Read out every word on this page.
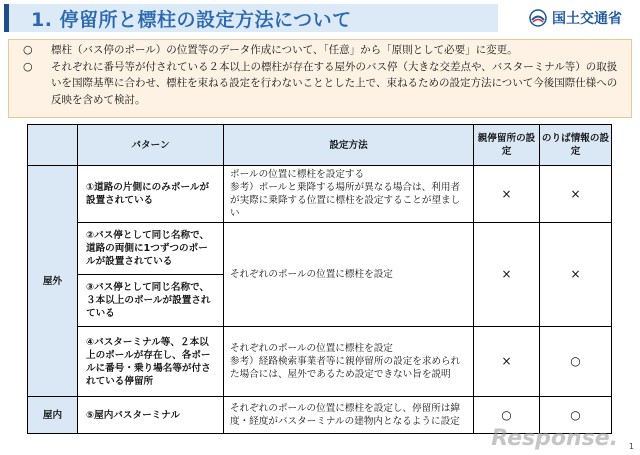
1. 停留所と標柱の設定方法について	国土交通省
○	標柱（バス停のポール）の位置等のデータ作成について、「任意」から「原則として必要」に変更。
○	それぞれに番号等が付されている２本以上の標柱が存在する屋外のバス停（大きな交差点や、バスターミナル等）の取扱いを国際基準に合わせ、標柱を束ねる設定を行わないこととした上で、束ねるための設定方法について今後国際仕様への反映を含めて検討。
	パターン	設定方法	親停留所の設定	のりば情報の設定
屋外	①道路の片側にのみポールが設置されている	ポールの位置に標柱を設定する
参考）ポールと乗降する場所が異なる場合は、利用者が実際に乗降する位置に標柱を設定することが望ましい	×	×
	②バス停として同じ名称で、道路の両側に1つずつのポールが設置されている	それぞれのポールの位置に標柱を設定	×	×
	③バス停として同じ名称で、３本以上のポールが設置されている			
	④バスターミナル等、２本以上のポールが存在し、各ポールに番号・乗り場名等が付されている停留所	それぞれのポールの位置に標柱を設定
参考）経路検索事業者等に親停留所の設定を求められた場合には、屋外であるため設定できない旨を説明	×	○
屋内	⑤屋内バスターミナル	それぞれのポールの位置に標柱を設定し、停留所は緯度・経度がバスターミナルの建物内となるように設定	○	○
Response. 1
